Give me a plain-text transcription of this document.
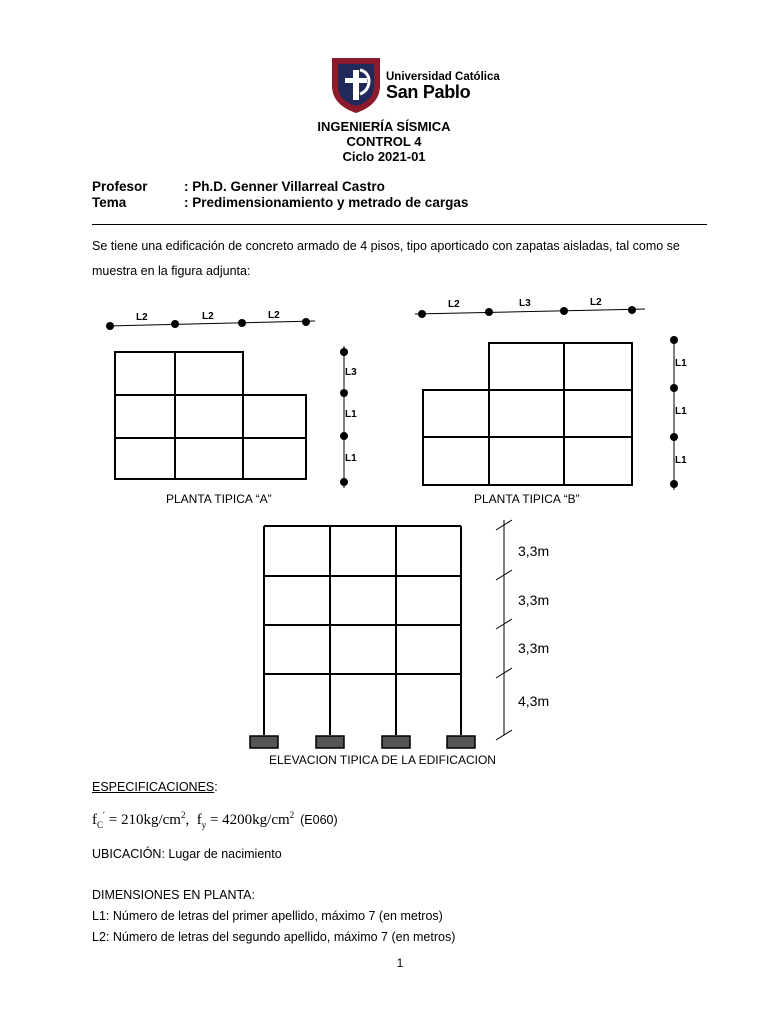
Universidad Católica
San Pablo
INGENIERÍA SÍSMICA
CONTROL 4
Ciclo 2021-01
Profesor	: Ph.D. Genner Villarreal Castro
Tema	: Predimensionamiento y metrado de cargas
Se tiene una edificación de concreto armado de 4 pisos, tipo aporticado con zapatas aisladas, tal como se muestra en la figura adjunta:
L2	L2	L2
L3
L1
L1
PLANTA TIPICA “A”
L2	L3	L2
L1
L1
L1
PLANTA TIPICA “B”
3,3m
3,3m
3,3m
4,3m
ELEVACION TIPICA DE LA EDIFICACION
ESPECIFICACIONES:
$f_C' = 210kg/cm^2$,  $f_y = 4200kg/cm^2$ (E060)
UBICACIÓN: Lugar de nacimiento
DIMENSIONES EN PLANTA:
L1: Número de letras del primer apellido, máximo 7 (en metros)
L2: Número de letras del segundo apellido, máximo 7 (en metros)
1
